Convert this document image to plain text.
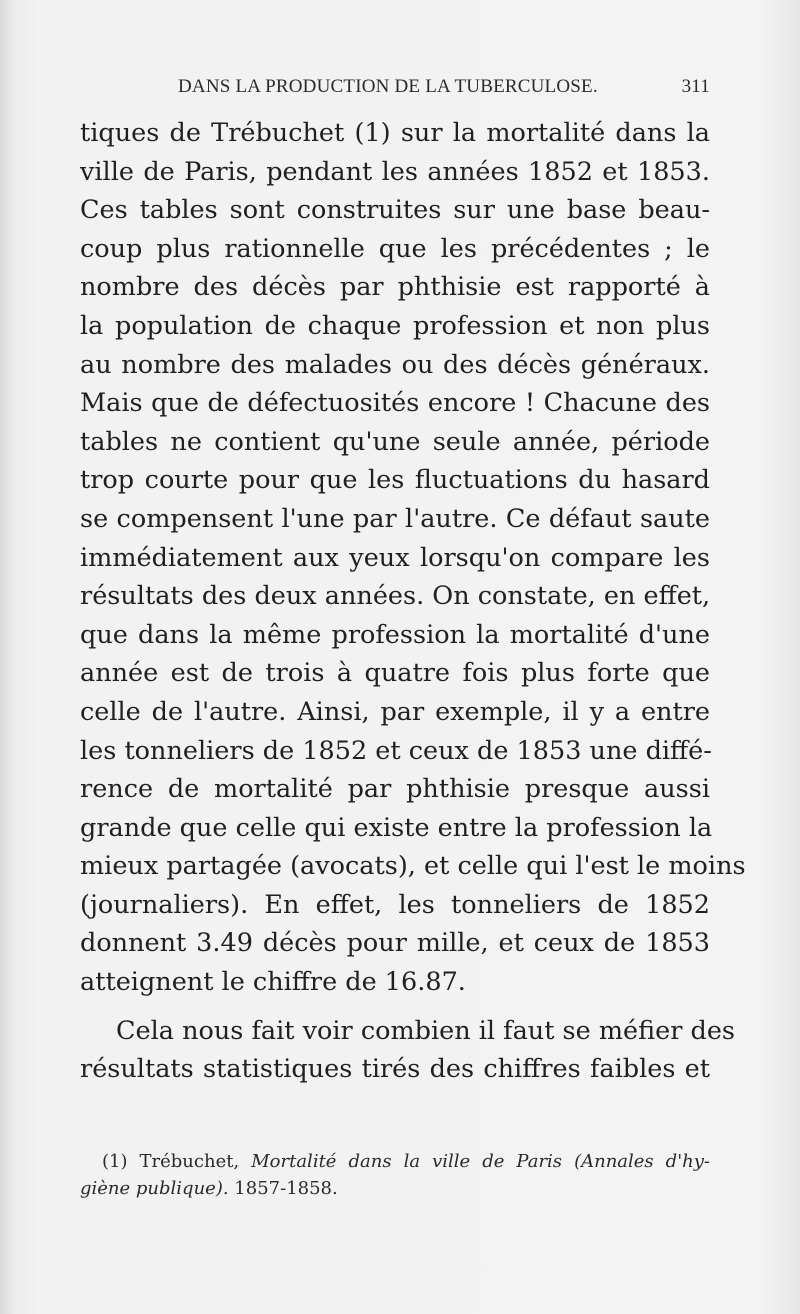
DANS LA PRODUCTION DE LA TUBERCULOSE.	311
tiques de Trébuchet (1) sur la mortalité dans la
ville de Paris, pendant les années 1852 et 1853.
Ces tables sont construites sur une base beau-
coup plus rationnelle que les précédentes ; le
nombre des décès par phthisie est rapporté à
la population de chaque profession et non plus
au nombre des malades ou des décès généraux.
Mais que de défectuosités encore ! Chacune des
tables ne contient qu'une seule année, période
trop courte pour que les fluctuations du hasard
se compensent l'une par l'autre. Ce défaut saute
immédiatement aux yeux lorsqu'on compare les
résultats des deux années. On constate, en effet,
que dans la même profession la mortalité d'une
année est de trois à quatre fois plus forte que
celle de l'autre. Ainsi, par exemple, il y a entre
les tonneliers de 1852 et ceux de 1853 une diffé-
rence de mortalité par phthisie presque aussi
grande que celle qui existe entre la profession la
mieux partagée (avocats), et celle qui l'est le moins
(journaliers). En effet, les tonneliers de 1852
donnent 3.49 décès pour mille, et ceux de 1853
atteignent le chiffre de 16.87.
Cela nous fait voir combien il faut se méfier des
résultats statistiques tirés des chiffres faibles et
(1) Trébuchet, Mortalité dans la ville de Paris (Annales d'hy-
giène publique). 1857-1858.
